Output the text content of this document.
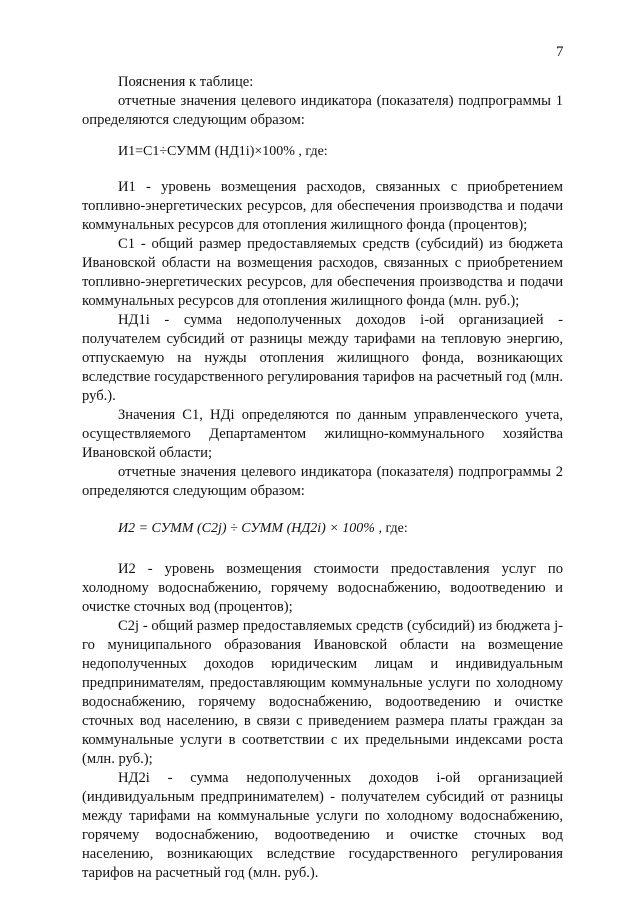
7

Пояснения к таблице:

отчетные значения целевого индикатора (показателя) подпрограммы 1 определяются следующим образом:

И1=С1÷СУММ (НД1i)×100% , где:

И1 - уровень возмещения расходов, связанных с приобретением топливно-энергетических ресурсов, для обеспечения производства и подачи коммунальных ресурсов для отопления жилищного фонда (процентов);

С1 - общий размер предоставляемых средств (субсидий) из бюджета Ивановской области на возмещения расходов, связанных с приобретением топливно-энергетических ресурсов, для обеспечения производства и подачи коммунальных ресурсов для отопления жилищного фонда (млн. руб.);

НД1i - сумма недополученных доходов i-ой организацией - получателем субсидий от разницы между тарифами на тепловую энергию, отпускаемую на нужды отопления жилищного фонда, возникающих вследствие государственного регулирования тарифов на расчетный год (млн. руб.).

Значения С1, НДi определяются по данным управленческого учета, осуществляемого Департаментом жилищно-коммунального хозяйства Ивановской области;

отчетные значения целевого индикатора (показателя) подпрограммы 2 определяются следующим образом:

И2 = СУММ (C2j) ÷ СУММ (НД2i) × 100% , где:

И2 - уровень возмещения стоимости предоставления услуг по холодному водоснабжению, горячему водоснабжению, водоотведению и очистке сточных вод (процентов);

С2j - общий размер предоставляемых средств (субсидий) из бюджета j-го муниципального образования Ивановской области на возмещение недополученных доходов юридическим лицам и индивидуальным предпринимателям, предоставляющим коммунальные услуги по холодному водоснабжению, горячему водоснабжению, водоотведению и очистке сточных вод населению, в связи с приведением размера платы граждан за коммунальные услуги в соответствии с их предельными индексами роста (млн. руб.);

НД2i - сумма недополученных доходов i-ой организацией (индивидуальным предпринимателем) - получателем субсидий от разницы между тарифами на коммунальные услуги по холодному водоснабжению, горячему водоснабжению, водоотведению и очистке сточных вод населению, возникающих вследствие государственного регулирования тарифов на расчетный год (млн. руб.).
